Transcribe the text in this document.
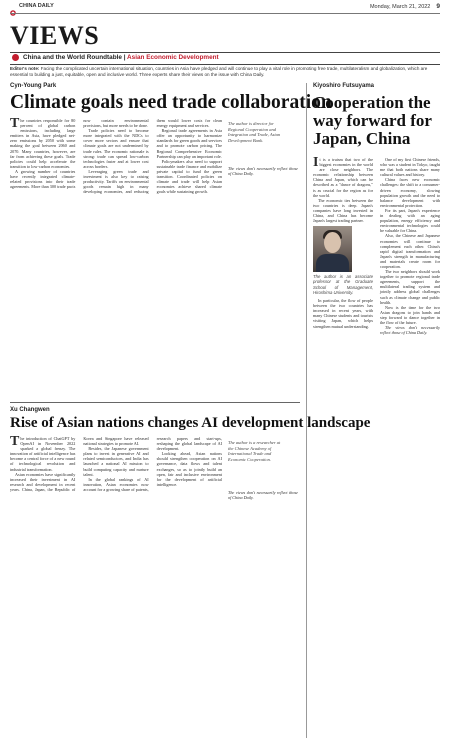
CHINA DAILY	Monday, March 21, 2022 9
VIEWS
China and the World Roundtable | Asian Economic Development
Editor's note: Facing the complicated uncertain international situation, countries in Asia have pledged and will continue to play a vital role in promoting free trade, multilateralism and globalization, which are essential to building a just, equitable, open and inclusive world. Three experts share their views on the issue with China Daily.
Cyn-Young Park
Climate goals need trade collaboration

The countries responsible for 80 percent of global carbon emissions, including large emitters in Asia, have pledged net-zero emissions by 2050 with some making the goal between 2060 and 2070. Many countries, however, are far from achieving these goals. Trade policies could help accelerate the transition to low-carbon economies.

A growing number of countries have recently integrated climate-related provisions into their trade agreements. More than 300 trade pacts now contain environmental provisions, but more needs to be done.

Trade policies need to become more integrated with the NDCs to cover more sectors and ensure that climate goals are not undermined by trade rules. The economic rationale is strong: trade can spread low-carbon technologies faster and at lower cost across borders.

Leveraging green trade and investment is also key to raising productivity. Tariffs on environmental goods remain high in many developing economies, and reducing them would lower costs for clean energy equipment and services.

Regional trade agreements in Asia offer an opportunity to harmonize standards for green goods and services and to promote carbon pricing. The Regional Comprehensive Economic Partnership can play an important role.

Policymakers also need to support sustainable trade finance and mobilize private capital to fund the green transition. Coordinated policies on climate and trade will help Asian economies achieve shared climate goals while sustaining growth.

The author is director for Regional Cooperation and Integration and Trade, Asian Development Bank.

The views don't necessarily reflect those of China Daily.

Xu Changwen
Rise of Asian nations changes AI development landscape

The introduction of ChatGPT by OpenAI in November 2022 sparked a global frenzy. The innovation of artificial intelligence has become a central force of a new round of technological revolution and industrial transformation.

Asian economies have significantly increased their investment in AI research and development in recent years. China, Japan, the Republic of Korea and Singapore have released national strategies to promote AI.

Besides, the Japanese government plans to invest in generative AI and related semiconductors, and India has launched a national AI mission to build computing capacity and nurture talent.

In the global rankings of AI innovation, Asian economies now account for a growing share of patents, research papers and start-ups, reshaping the global landscape of AI development.

Looking ahead, Asian nations should strengthen cooperation on AI governance, data flows and talent exchanges, so as to jointly build an open, fair and inclusive environment for the development of artificial intelligence.

The author is a researcher at the Chinese Academy of International Trade and Economic Cooperation.

The views don't necessarily reflect those of China Daily.

Kiyoshiro Futsuyama
Cooperation the way forward for Japan, China

It is a truism that two of the biggest economies in the world are close neighbors. The economic relationship between China and Japan, which can be described as a "dance of dragons," is as crucial for the region as for the world.

The economic ties between the two countries is deep. Japan's companies have long invested in China, and China has become Japan's largest trading partner.

The author is an associate professor at the Graduate School of Management, Hiroshima University.

In particular, the flow of people between the two countries has increased in recent years, with many Chinese students and tourists visiting Japan, which helps strengthen mutual understanding.

One of my first Chinese friends, who was a student in Tokyo, taught me that both nations share many cultural values and history.

China faces new economic challenges: the shift to a consumer-driven economy, slowing population growth and the need to balance development with environmental protection.

For its part, Japan's experience in dealing with an aging population, energy efficiency and environmental technologies could be valuable for China.

Also, the Chinese and Japanese economies will continue to complement each other. China's rapid digital transformation and Japan's strength in manufacturing and materials create room for cooperation.

The two neighbors should work together to promote regional trade agreements, support the multilateral trading system and jointly address global challenges such as climate change and public health.

Now is the time for the two Asian dragons to join hands and step forward to dance together in the flow of the future.

The views don't necessarily reflect those of China Daily.
